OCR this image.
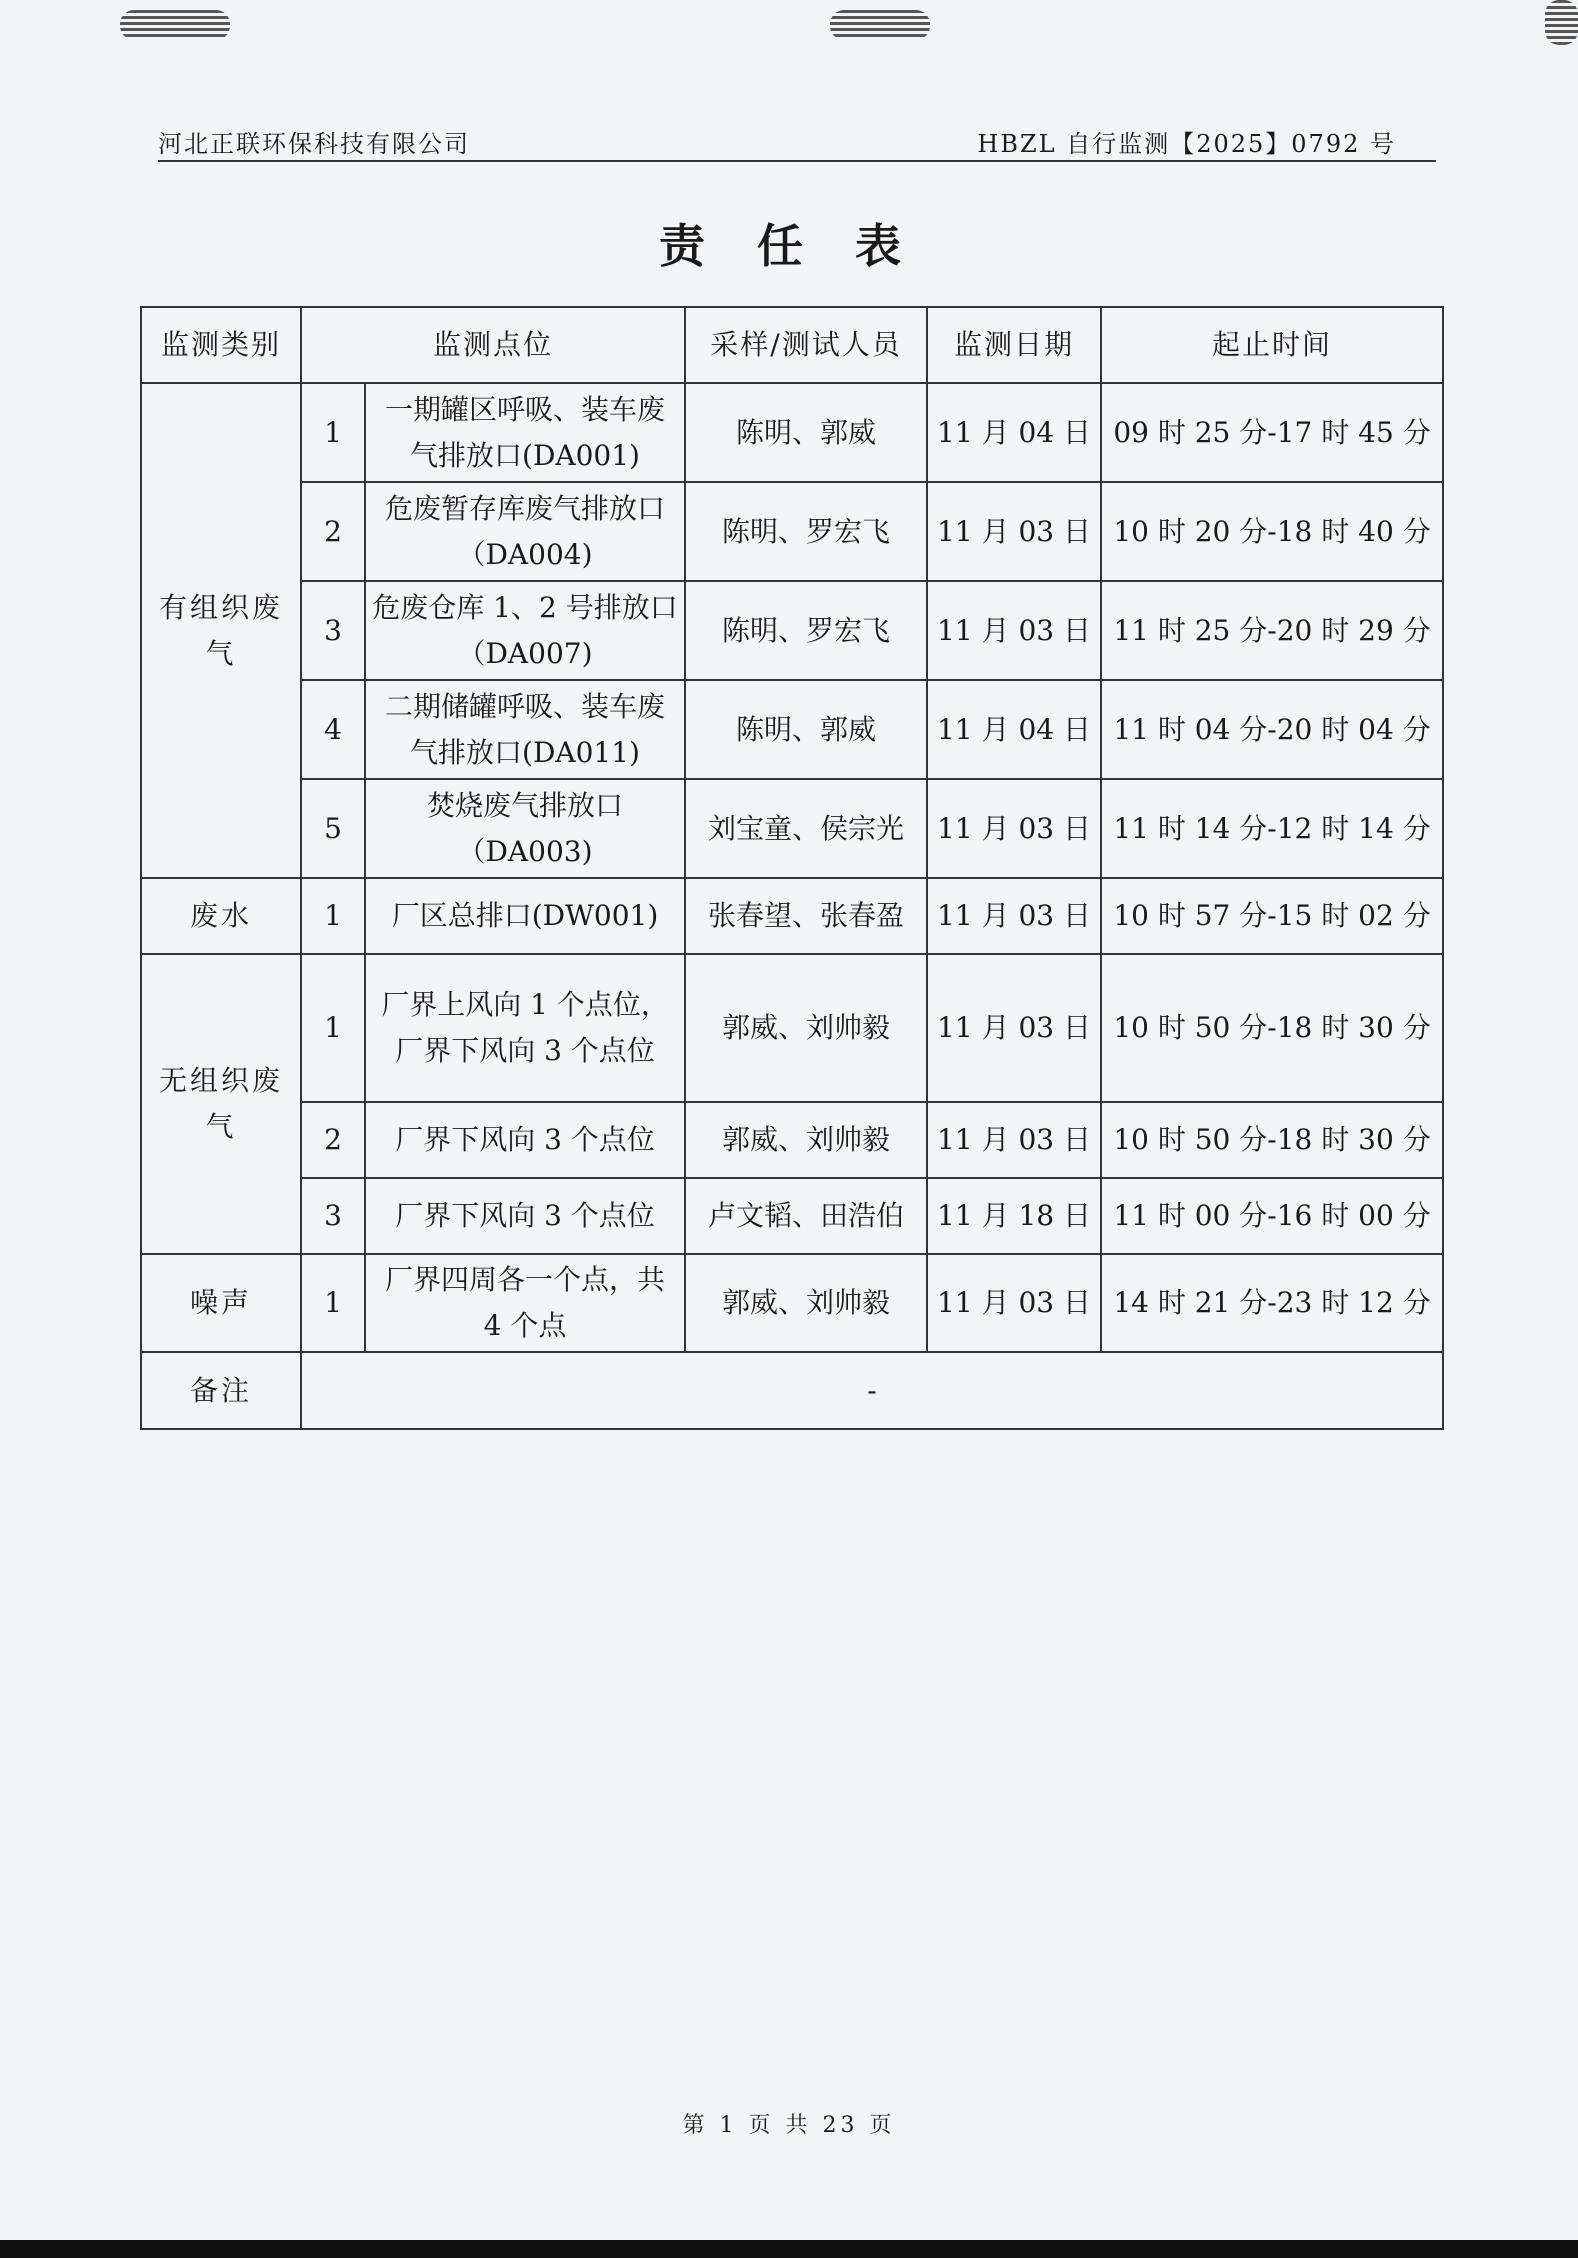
河北正联环保科技有限公司	HBZL 自行监测【2025】0792 号
责 任 表
监测类别	监测点位		采样/测试人员	监测日期	起止时间
有组织废气	1	一期罐区呼吸、装车废气排放口(DA001)	陈明、郭威	11 月 04 日	09 时 25 分-17 时 45 分
	2	危废暂存库废气排放口（DA004)	陈明、罗宏飞	11 月 03 日	10 时 20 分-18 时 40 分
	3	危废仓库 1、2 号排放口（DA007)	陈明、罗宏飞	11 月 03 日	11 时 25 分-20 时 29 分
	4	二期储罐呼吸、装车废气排放口(DA011)	陈明、郭威	11 月 04 日	11 时 04 分-20 时 04 分
	5	焚烧废气排放口（DA003)	刘宝童、侯宗光	11 月 03 日	11 时 14 分-12 时 14 分
废水	1	厂区总排口(DW001)	张春望、张春盈	11 月 03 日	10 时 57 分-15 时 02 分
无组织废气	1	厂界上风向 1 个点位，厂界下风向 3 个点位	郭威、刘帅毅	11 月 03 日	10 时 50 分-18 时 30 分
	2	厂界下风向 3 个点位	郭威、刘帅毅	11 月 03 日	10 时 50 分-18 时 30 分
	3	厂界下风向 3 个点位	卢文韬、田浩伯	11 月 18 日	11 时 00 分-16 时 00 分
噪声	1	厂界四周各一个点，共 4 个点	郭威、刘帅毅	11 月 03 日	14 时 21 分-23 时 12 分
备注	-				
第 1 页 共 23 页
